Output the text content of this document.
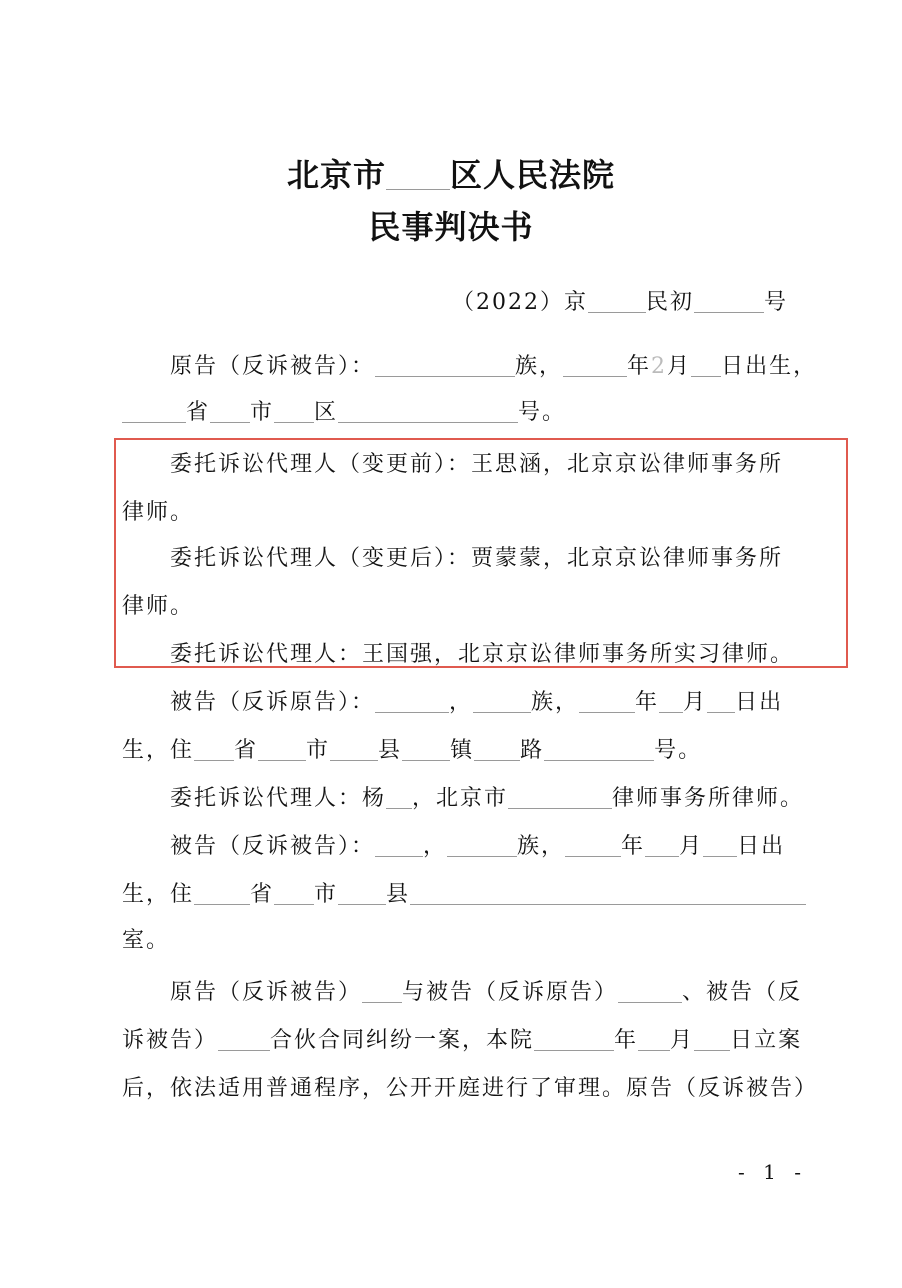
北京市 区人民法院
民事判决书

（2022）京	民初	号

原告（反诉被告）：	族，	年2月 日出生，

省 市 区	号。

委托诉讼代理人（变更前）：王思涵，北京京讼律师事务所

律师。

委托诉讼代理人（变更后）：贾蒙蒙，北京京讼律师事务所

律师。

委托诉讼代理人：王国强，北京京讼律师事务所实习律师。

被告（反诉原告）：	，	族，	年 月 日出

生，住 省 市 县 镇 路	号。

委托诉讼代理人：杨 ，北京市	律师事务所律师。

被告（反诉被告）： ，	族，	年 月 日出

生，住	省 市 县

室。

原告（反诉被告） 与被告（反诉原告）	、被告（反

诉被告） 合伙合同纠纷一案，本院	年 月 日立案

后，依法适用普通程序，公开开庭进行了审理。原告（反诉被告）

- 1 -
